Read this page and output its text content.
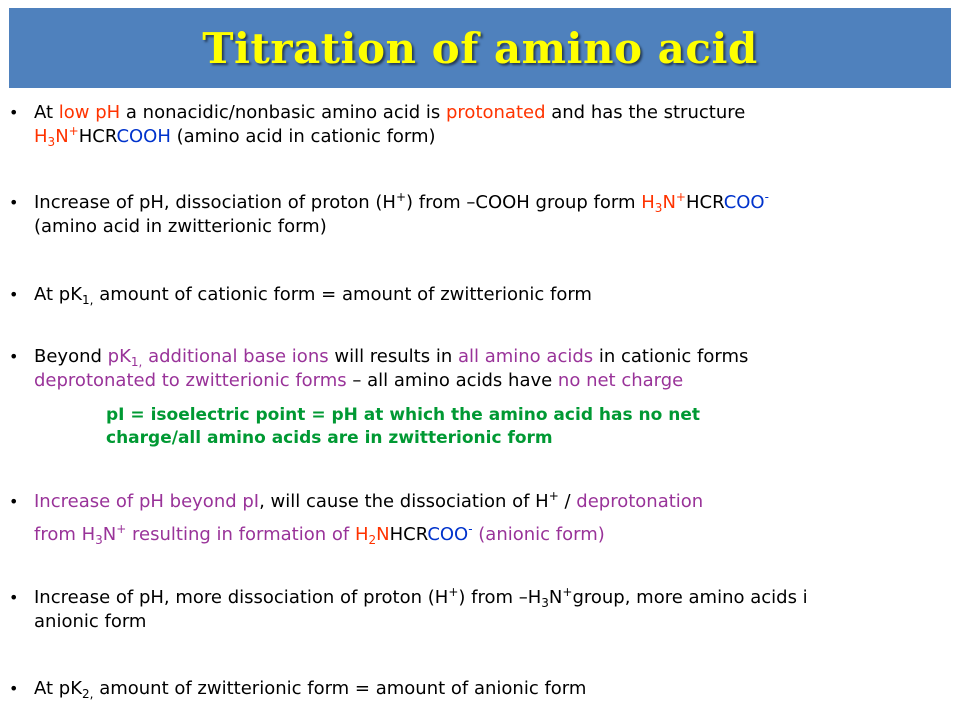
Titration of amino acid
• At low pH a nonacidic/nonbasic amino acid is protonated and has the structure
$H_3N^+HCRCOOH$ (amino acid in cationic form)
• Increase of pH, dissociation of proton (H+) from –COOH group form $H_3N^+HCRCOO^-$
(amino acid in zwitterionic form)
• At $pK_{1,}$ amount of cationic form = amount of zwitterionic form
• Beyond $pK_{1,}$ additional base ions will results in all amino acids in cationic forms
deprotonated to zwitterionic forms – all amino acids have no net charge
pI = isoelectric point = pH at which the amino acid has no net
charge/all amino acids are in zwitterionic form
• Increase of pH beyond pI, will cause the dissociation of H+ / deprotonation
from $H_3N^+$ resulting in formation of $H_2NHCRCOO^-$ (anionic form)
• Increase of pH, more dissociation of proton (H+) from $-H_3N^+group$, more amino acids i
anionic form
• At $pK_{2,}$ amount of zwitterionic form = amount of anionic form
